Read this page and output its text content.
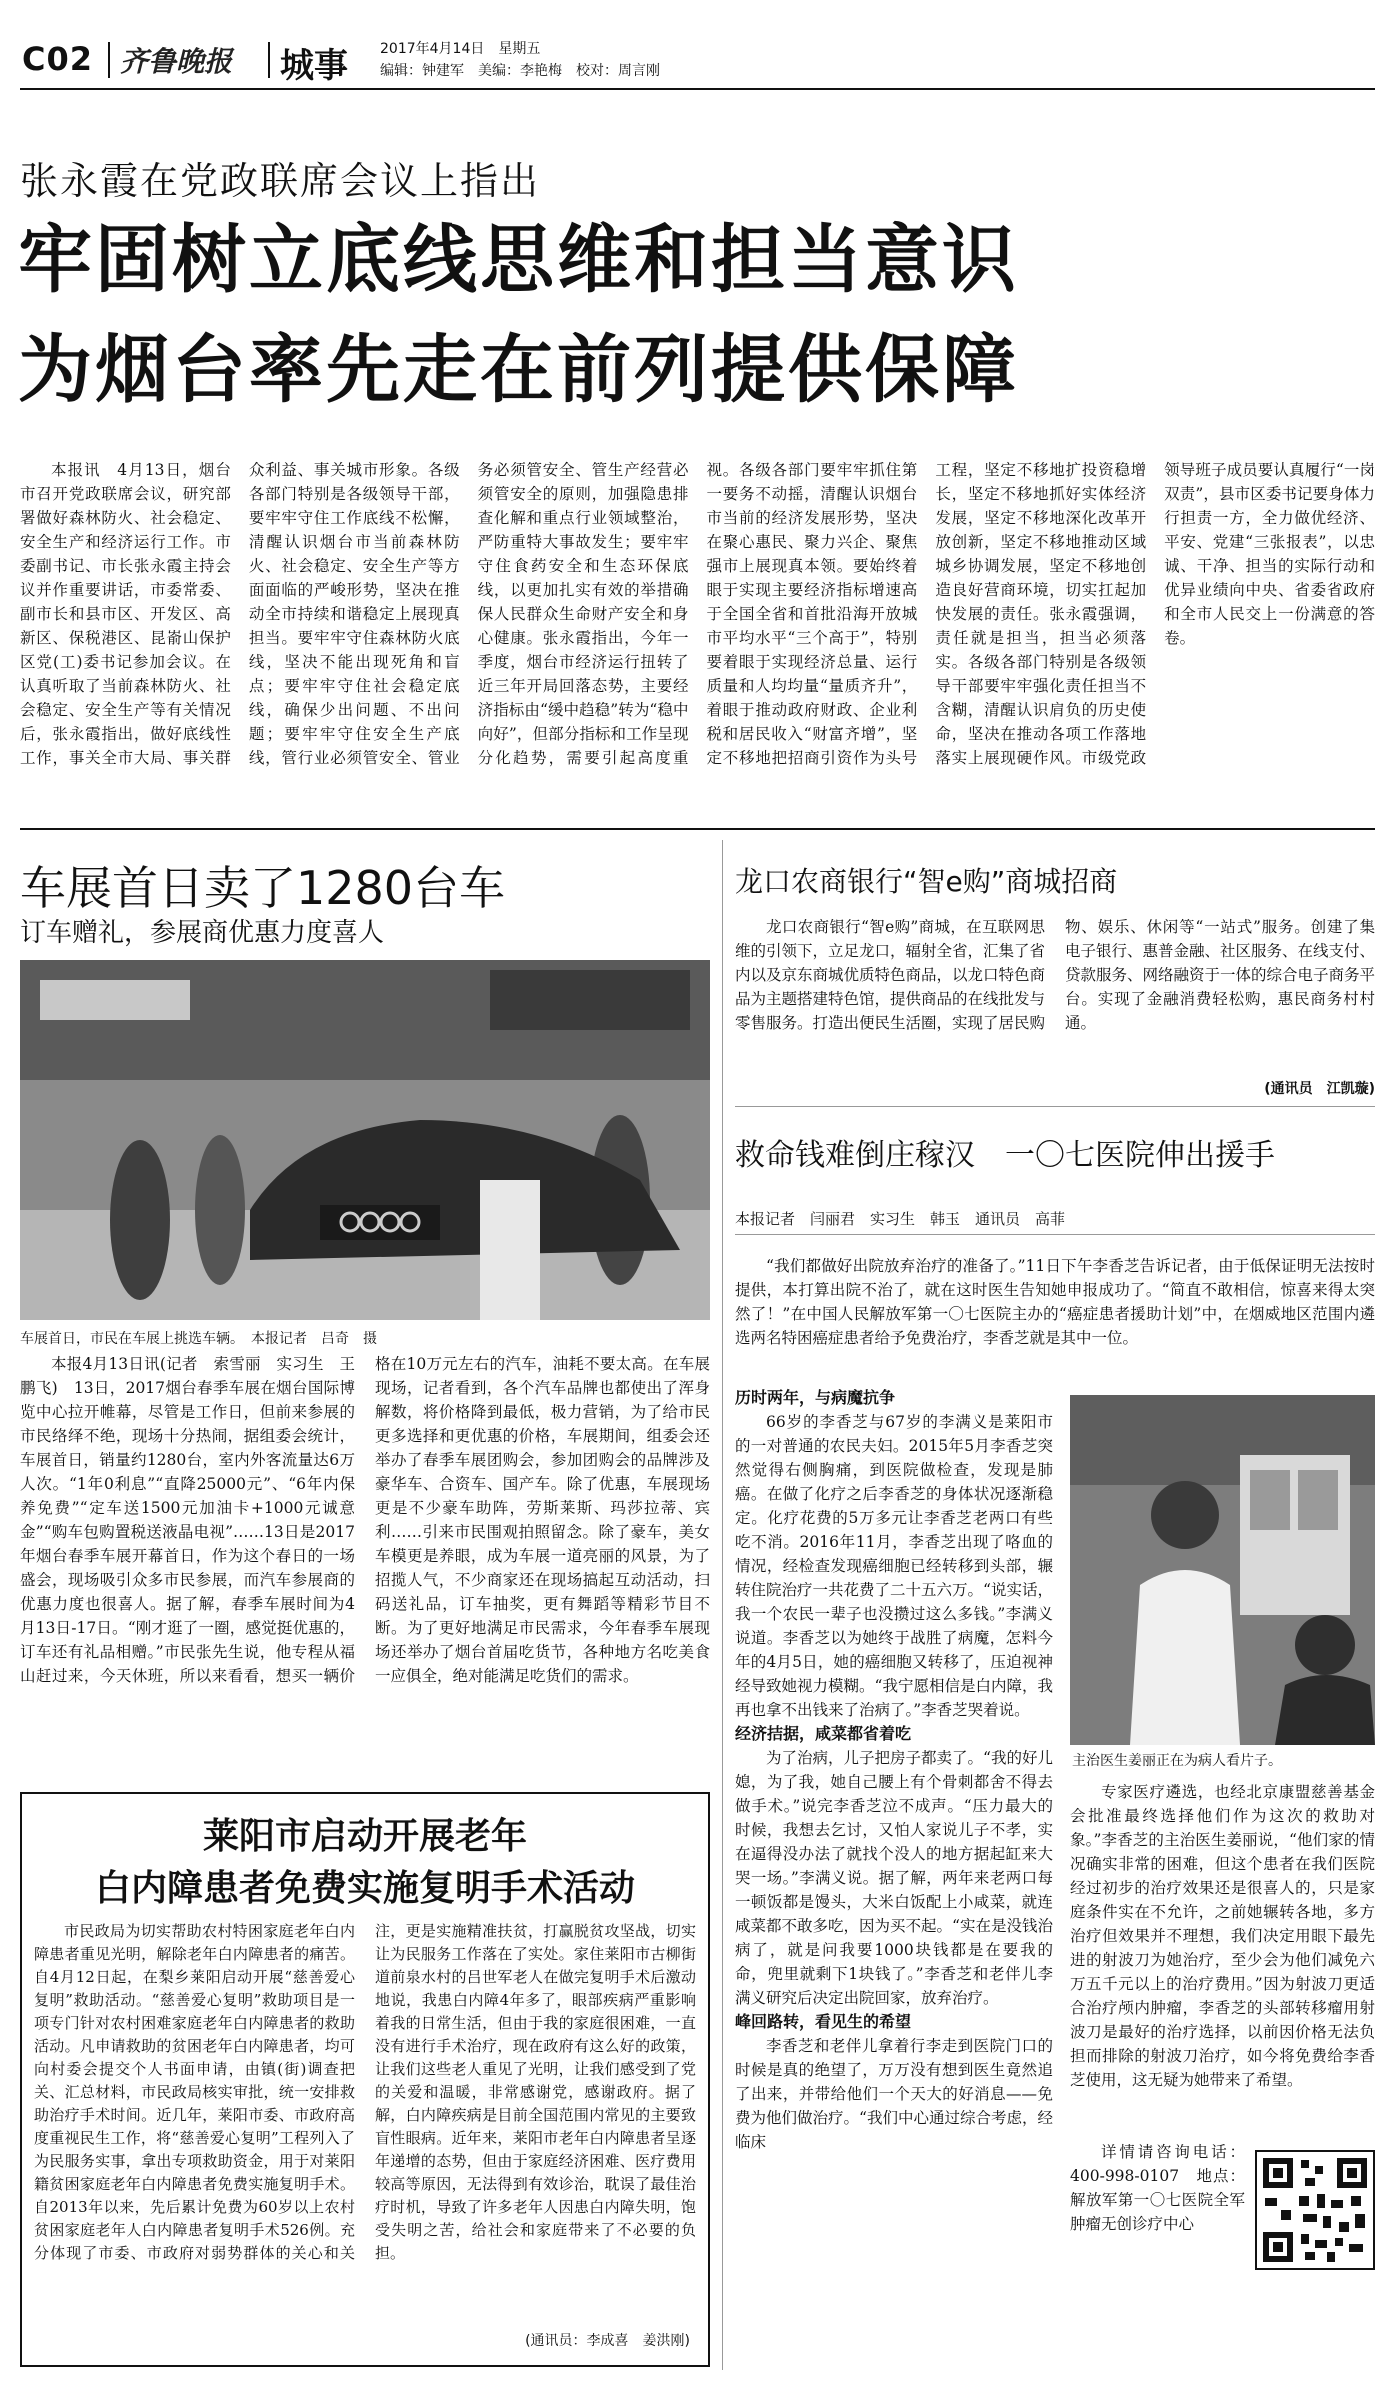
C02 齐鲁晚报 城事 2017年4月14日　星期五
编辑：钟建军　美编：李艳梅　校对：周言刚
张永霞在党政联席会议上指出
牢固树立底线思维和担当意识
为烟台率先走在前列提供保障
本报讯　4月13日，烟台市召开党政联席会议，研究部署做好森林防火、社会稳定、安全生产和经济运行工作。市委副书记、市长张永霞主持会议并作重要讲话，市委常委、副市长和县市区、开发区、高新区、保税港区、昆嵛山保护区党(工)委书记参加会议。在认真听取了当前森林防火、社会稳定、安全生产等有关情况后，张永霞指出，做好底线性工作，事关全市大局、事关群众利益、事关城市形象。各级各部门特别是各级领导干部，要牢牢守住工作底线不松懈，清醒认识烟台市当前森林防火、社会稳定、安全生产等方面面临的严峻形势，坚决在推动全市持续和谐稳定上展现真担当。要牢牢守住森林防火底线，坚决不能出现死角和盲点；要牢牢守住社会稳定底线，确保少出问题、不出问题；要牢牢守住安全生产底线，管行业必须管安全、管业务必须管安全、管生产经营必须管安全的原则，加强隐患排查化解和重点行业领域整治，严防重特大事故发生；要牢牢守住食药安全和生态环保底线，以更加扎实有效的举措确保人民群众生命财产安全和身心健康。张永霞指出，今年一季度，烟台市经济运行扭转了近三年开局回落态势，主要经济指标由“缓中趋稳”转为“稳中向好”，但部分指标和工作呈现分化趋势，需要引起高度重视。各级各部门要牢牢抓住第一要务不动摇，清醒认识烟台市当前的经济发展形势，坚决在聚心惠民、聚力兴企、聚焦强市上展现真本领。要始终着眼于实现主要经济指标增速高于全国全省和首批沿海开放城市平均水平“三个高于”，特别要着眼于实现经济总量、运行质量和人均均量“量质齐升”，着眼于推动政府财政、企业利税和居民收入“财富齐增”，坚定不移地把招商引资作为头号工程，坚定不移地扩投资稳增长，坚定不移地抓好实体经济发展，坚定不移地深化改革开放创新，坚定不移地推动区域城乡协调发展，坚定不移地创造良好营商环境，切实扛起加快发展的责任。张永霞强调，责任就是担当，担当必须落实。各级各部门特别是各级领导干部要牢牢强化责任担当不含糊，清醒认识肩负的历史使命，坚决在推动各项工作落地落实上展现硬作风。市级党政领导班子成员要认真履行“一岗双责”，县市区委书记要身体力行担责一方，全力做优经济、平安、党建“三张报表”，以忠诚、干净、担当的实际行动和优异业绩向中央、省委省政府和全市人民交上一份满意的答卷。
车展首日卖了1280台车
订车赠礼，参展商优惠力度喜人
车展首日，市民在车展上挑选车辆。　本报记者　吕奇　摄
本报4月13日讯(记者　索雪丽　实习生　王鹏飞)　13日，2017烟台春季车展在烟台国际博览中心拉开帷幕，尽管是工作日，但前来参展的市民络绎不绝，现场十分热闹，据组委会统计，车展首日，销量约1280台，室内外客流量达6万人次。“1年0利息”“直降25000元”、“6年内保养免费”“定车送1500元加油卡+1000元诚意金”“购车包购置税送液晶电视”……13日是2017年烟台春季车展开幕首日，作为这个春日的一场盛会，现场吸引众多市民参展，而汽车参展商的优惠力度也很喜人。据了解，春季车展时间为4月13日-17日。“刚才逛了一圈，感觉挺优惠的，订车还有礼品相赠。”市民张先生说，他专程从福山赶过来，今天休班，所以来看看，想买一辆价格在10万元左右的汽车，油耗不要太高。在车展现场，记者看到，各个汽车品牌也都使出了浑身解数，将价格降到最低，极力营销，为了给市民更多选择和更优惠的价格，车展期间，组委会还举办了春季车展团购会，参加团购会的品牌涉及豪华车、合资车、国产车。除了优惠，车展现场更是不少豪车助阵，劳斯莱斯、玛莎拉蒂、宾利……引来市民围观拍照留念。除了豪车，美女车模更是养眼，成为车展一道亮丽的风景，为了招揽人气，不少商家还在现场搞起互动活动，扫码送礼品，订车抽奖，更有舞蹈等精彩节目不断。为了更好地满足市民需求，今年春季车展现场还举办了烟台首届吃货节，各种地方名吃美食一应俱全，绝对能满足吃货们的需求。
莱阳市启动开展老年
白内障患者免费实施复明手术活动
市民政局为切实帮助农村特困家庭老年白内障患者重见光明，解除老年白内障患者的痛苦。自4月12日起，在梨乡莱阳启动开展“慈善爱心复明”救助活动。“慈善爱心复明”救助项目是一项专门针对农村困难家庭老年白内障患者的救助活动。凡申请救助的贫困老年白内障患者，均可向村委会提交个人书面申请，由镇(街)调查把关、汇总材料，市民政局核实审批，统一安排救助治疗手术时间。近几年，莱阳市委、市政府高度重视民生工作，将“慈善爱心复明”工程列入了为民服务实事，拿出专项救助资金，用于对莱阳籍贫困家庭老年白内障患者免费实施复明手术。自2013年以来，先后累计免费为60岁以上农村贫困家庭老年人白内障患者复明手术526例。充分体现了市委、市政府对弱势群体的关心和关注，更是实施精准扶贫，打赢脱贫攻坚战，切实让为民服务工作落在了实处。家住莱阳市古柳街道前泉水村的吕世军老人在做完复明手术后激动地说，我患白内障4年多了，眼部疾病严重影响着我的日常生活，但由于我的家庭很困难，一直没有进行手术治疗，现在政府有这么好的政策，让我们这些老人重见了光明，让我们感受到了党的关爱和温暖，非常感谢党，感谢政府。据了解，白内障疾病是目前全国范围内常见的主要致盲性眼病。近年来，莱阳市老年白内障患者呈逐年递增的态势，但由于家庭经济困难、医疗费用较高等原因，无法得到有效诊治，耽误了最佳治疗时机，导致了许多老年人因患白内障失明，饱受失明之苦，给社会和家庭带来了不必要的负担。
(通讯员：李成喜　姜洪刚)
龙口农商银行“智e购”商城招商
龙口农商银行“智e购”商城，在互联网思维的引领下，立足龙口，辐射全省，汇集了省内以及京东商城优质特色商品，以龙口特色商品为主题搭建特色馆，提供商品的在线批发与零售服务。打造出便民生活圈，实现了居民购物、娱乐、休闲等“一站式”服务。创建了集电子银行、惠普金融、社区服务、在线支付、贷款服务、网络融资于一体的综合电子商务平台。实现了金融消费轻松购，惠民商务村村通。
(通讯员　江凯璇)
救命钱难倒庄稼汉　一〇七医院伸出援手
本报记者　闫丽君　实习生　韩玉　通讯员　高菲
“我们都做好出院放弃治疗的准备了。”11日下午李香芝告诉记者，由于低保证明无法按时提供，本打算出院不治了，就在这时医生告知她申报成功了。“简直不敢相信，惊喜来得太突然了！”在中国人民解放军第一〇七医院主办的“癌症患者援助计划”中，在烟威地区范围内遴选两名特困癌症患者给予免费治疗，李香芝就是其中一位。
历时两年，与病魔抗争
66岁的李香芝与67岁的李满义是莱阳市的一对普通的农民夫妇。2015年5月李香芝突然觉得右侧胸痛，到医院做检查，发现是肺癌。在做了化疗之后李香芝的身体状况逐渐稳定。化疗花费的5万多元让李香芝老两口有些吃不消。2016年11月，李香芝出现了咯血的情况，经检查发现癌细胞已经转移到头部，辗转住院治疗一共花费了二十五六万。“说实话，我一个农民一辈子也没攒过这么多钱。”李满义说道。李香芝以为她终于战胜了病魔，怎料今年的4月5日，她的癌细胞又转移了，压迫视神经导致她视力模糊。“我宁愿相信是白内障，我再也拿不出钱来了治病了。”李香芝哭着说。
经济拮据，咸菜都省着吃
为了治病，儿子把房子都卖了。“我的好儿媳，为了我，她自己腰上有个骨刺都舍不得去做手术。”说完李香芝泣不成声。“压力最大的时候，我想去乞讨，又怕人家说儿子不孝，实在逼得没办法了就找个没人的地方据起缸来大哭一场。”李满义说。据了解，两年来老两口每一顿饭都是馒头，大米白饭配上小咸菜，就连咸菜都不敢多吃，因为买不起。“实在是没钱治病了，就是问我要1000块钱都是在要我的命，兜里就剩下1块钱了。”李香芝和老伴儿李满义研究后决定出院回家，放弃治疗。
峰回路转，看见生的希望
李香芝和老伴儿拿着行李走到医院门口的时候是真的绝望了，万万没有想到医生竟然追了出来，并带给他们一个天大的好消息——免费为他们做治疗。“我们中心通过综合考虑，经临床
主治医生姜丽正在为病人看片子。
专家医疗遴选，也经北京康盟慈善基金会批准最终选择他们作为这次的救助对象。”李香芝的主治医生姜丽说，“他们家的情况确实非常的困难，但这个患者在我们医院经过初步的治疗效果还是很喜人的，只是家庭条件实在不允许，之前她辗转各地，多方治疗但效果并不理想，我们决定用眼下最先进的射波刀为她治疗，至少会为他们减免六万五千元以上的治疗费用。”因为射波刀更适合治疗颅内肿瘤，李香芝的头部转移瘤用射波刀是最好的治疗选择，以前因价格无法负担而排除的射波刀治疗，如今将免费给李香芝使用，这无疑为她带来了希望。
详情请咨询电话：400-998-0107　地点：解放军第一〇七医院全军肿瘤无创诊疗中心
